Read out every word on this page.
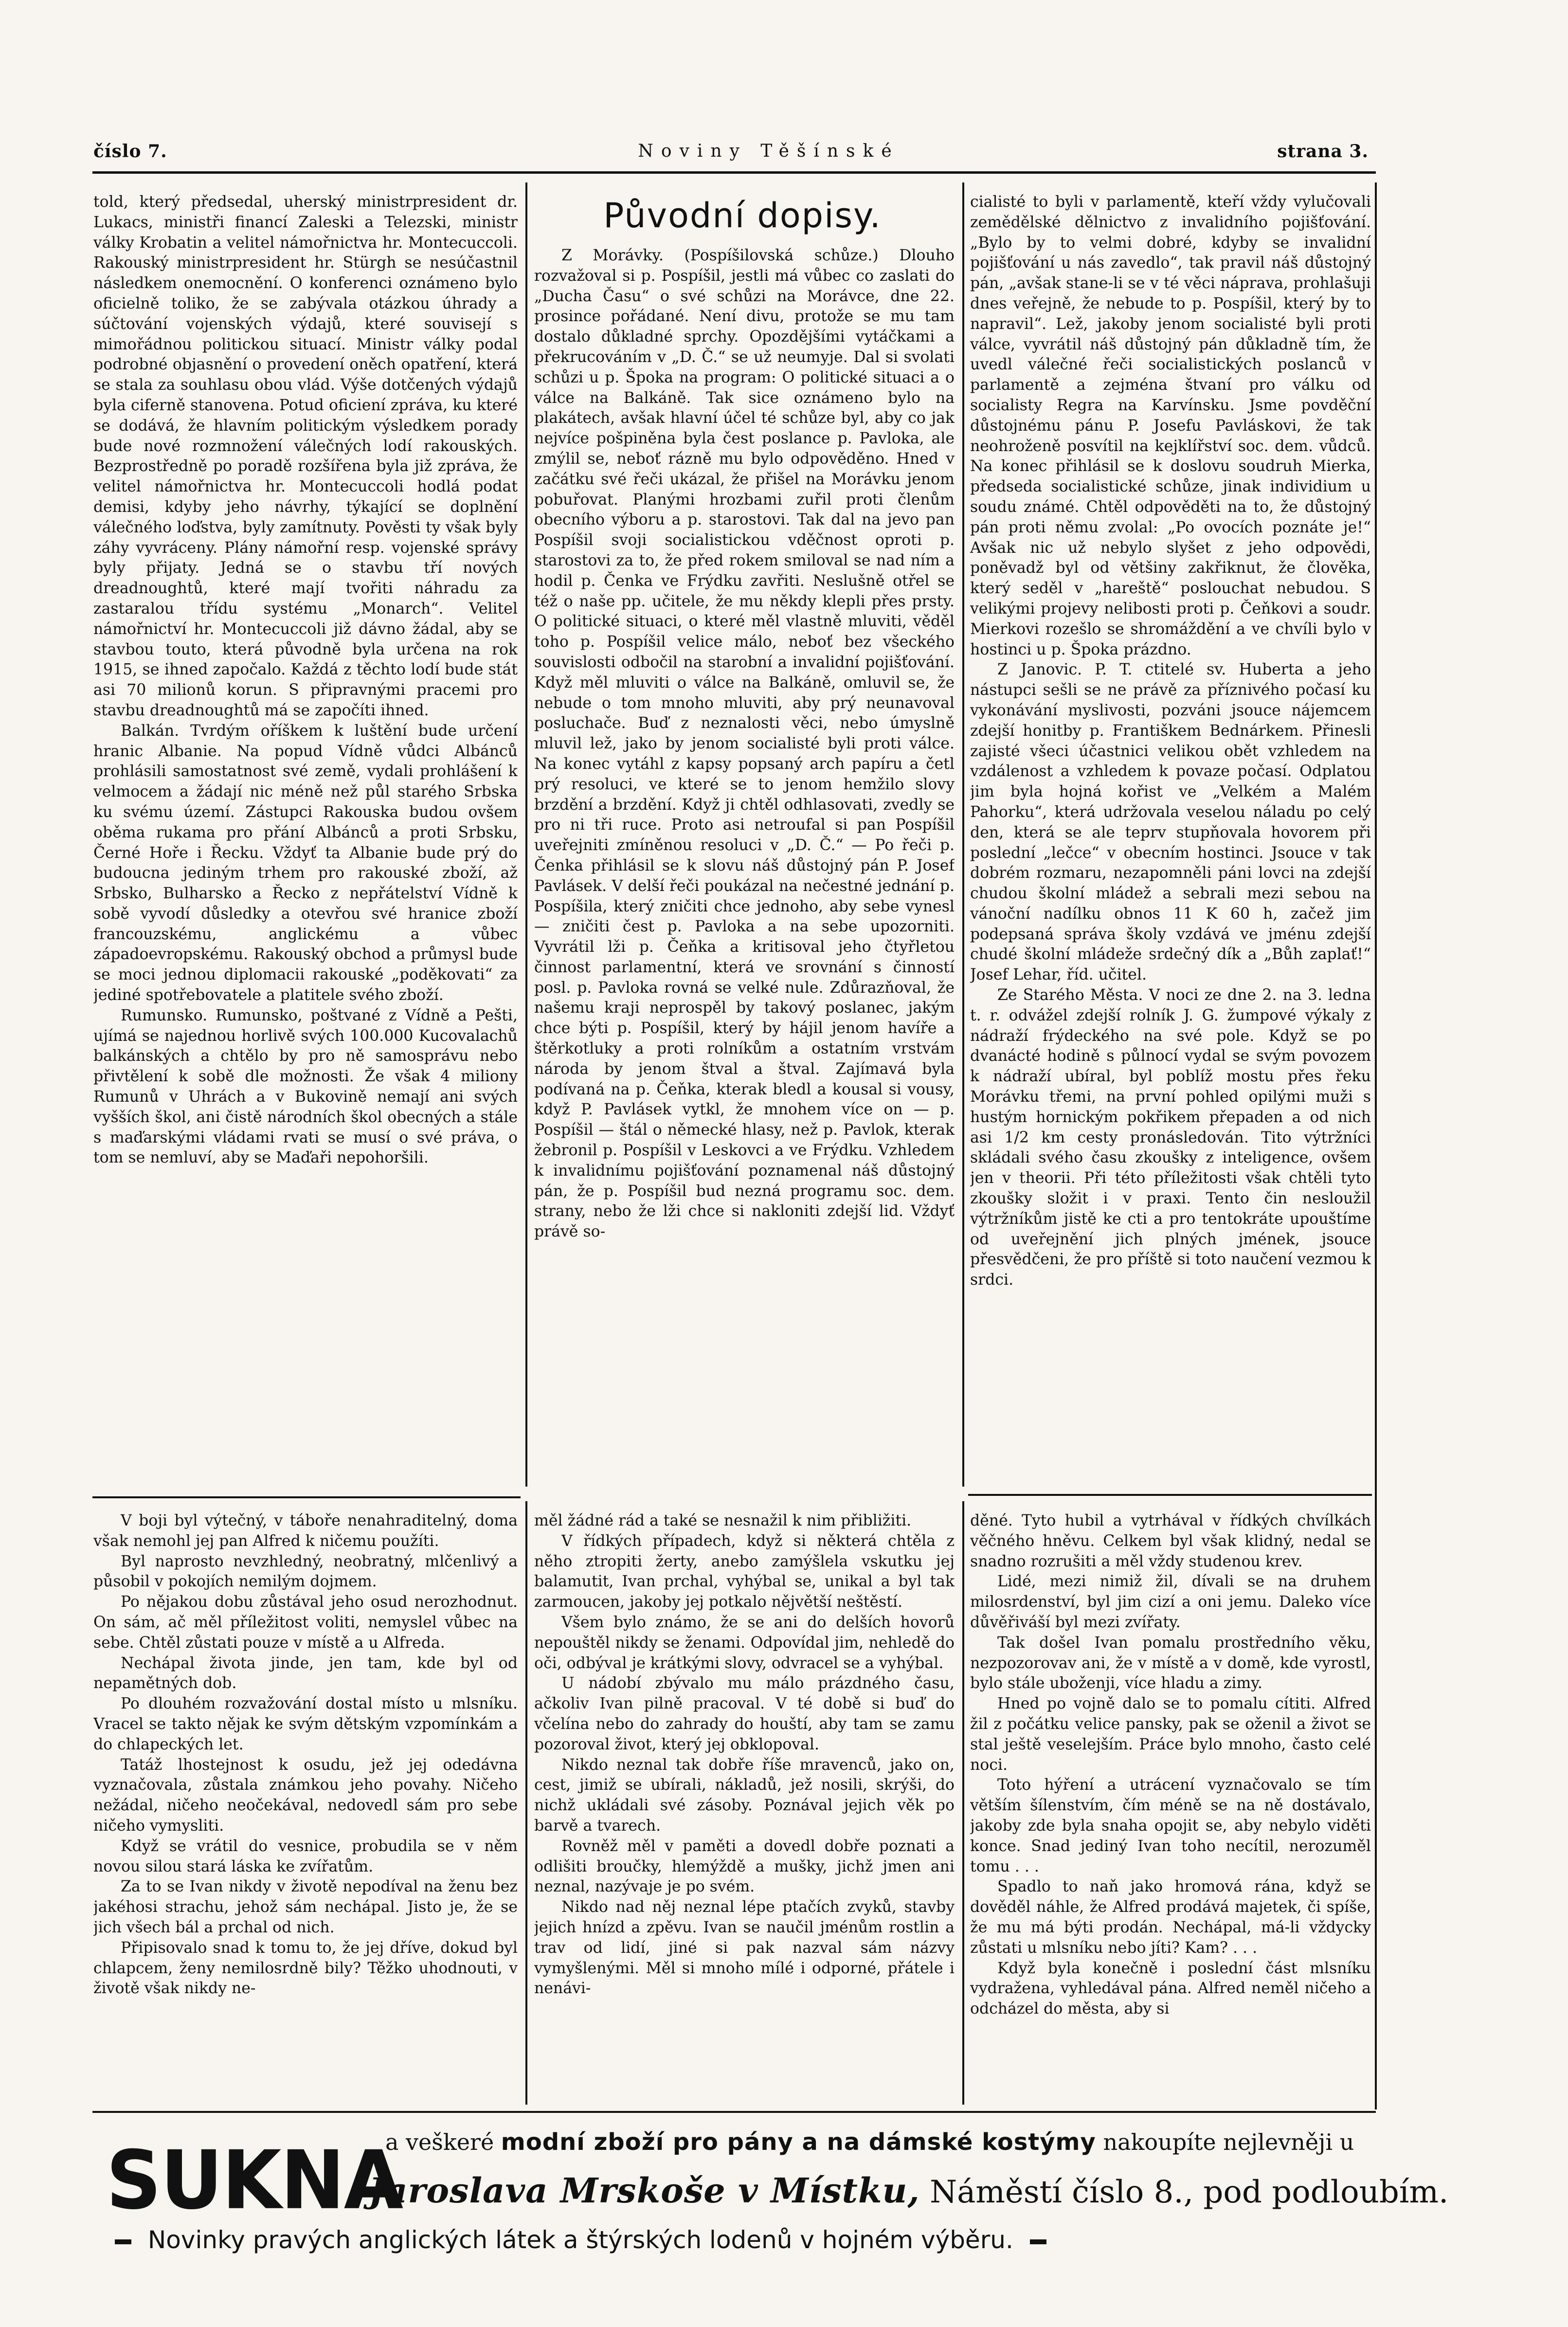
číslo 7.	Noviny Těšínské	strana 3.

told, který předsedal, uherský ministrpresident dr. Lukacs, ministři financí Zaleski a Telezski, ministr války Krobatin a velitel námořnictva hr. Montecuccoli. Rakouský ministrpresident hr. Stürgh se nesúčastnil následkem onemocnění. O konferenci oznámeno bylo oficielně toliko, že se zabývala otázkou úhrady a súčtování vojenských výdajů, které souvisejí s mimořádnou politickou situací. Ministr války podal podrobné objasnění o provedení oněch opatření, která se stala za souhlasu obou vlád. Výše dotčených výdajů byla ciferně stanovena. Potud oficiení zpráva, ku které se dodává, že hlavním politickým výsledkem porady bude nové rozmnožení válečných lodí rakouských. Bezprostředně po poradě rozšířena byla již zpráva, že velitel námořnictva hr. Montecuccoli hodlá podat demisi, kdyby jeho návrhy, týkající se doplnění válečného loďstva, byly zamítnuty. Pověsti ty však byly záhy vyvráceny. Plány námořní resp. vojenské správy byly přijaty. Jedná se o stavbu tří nových dreadnoughtů, které mají tvořiti náhradu za zastaralou třídu systému „Monarch“. Velitel námořnictví hr. Montecuccoli již dávno žádal, aby se stavbou touto, která původně byla určena na rok 1915, se ihned započalo. Každá z těchto lodí bude stát asi 70 milionů korun. S připravnými pracemi pro stavbu dreadnoughtů má se započíti ihned.

Balkán. Tvrdým oříškem k luštění bude určení hranic Albanie. Na popud Vídně vůdci Albánců prohlásili samostatnost své země, vydali prohlášení k velmocem a žádají nic méně než půl starého Srbska ku svému území. Zástupci Rakouska budou ovšem oběma rukama pro přání Albánců a proti Srbsku, Černé Hoře i Řecku. Vždyť ta Albanie bude prý do budoucna jediným trhem pro rakouské zboží, až Srbsko, Bulharsko a Řecko z nepřátelství Vídně k sobě vyvodí důsledky a otevřou své hranice zboží francouzskému, anglickému a vůbec západoevropskému. Rakouský obchod a průmysl bude se moci jednou diplomacii rakouské „poděkovati“ za jediné spotřebovatele a platitele svého zboží.

Rumunsko. Rumunsko, poštvané z Vídně a Pešti, ujímá se najednou horlivě svých 100.000 Kucovalachů balkánských a chtělo by pro ně samosprávu nebo přivtělení k sobě dle možnosti. Že však 4 miliony Rumunů v Uhrách a v Bukovině nemají ani svých vyšších škol, ani čistě národních škol obecných a stále s maďarskými vládami rvati se musí o své práva, o tom se nemluví, aby se Maďaři nepohoršili.

Původní dopisy.

Z Morávky. (Pospíšilovská schůze.) Dlouho rozvažoval si p. Pospíšil, jestli má vůbec co zaslati do „Ducha Času“ o své schůzi na Morávce, dne 22. prosince pořádané. Není divu, protože se mu tam dostalo důkladné sprchy. Opozdějšími vytáčkami a překrucováním v „D. Č.“ se už neumyje. Dal si svolati schůzi u p. Špoka na program: O politické situaci a o válce na Balkáně. Tak sice oznámeno bylo na plakátech, avšak hlavní účel té schůze byl, aby co jak nejvíce pošpiněna byla čest poslance p. Pavloka, ale zmýlil se, neboť rázně mu bylo odpověděno. Hned v začátku své řeči ukázal, že přišel na Morávku jenom pobuřovat. Planými hrozbami zuřil proti členům obecního výboru a p. starostovi. Tak dal na jevo pan Pospíšil svoji socialistickou vděčnost oproti p. starostovi za to, že před rokem smiloval se nad ním a hodil p. Čenka ve Frýdku zavřiti. Neslušně otřel se též o naše pp. učitele, že mu někdy klepli přes prsty. O politické situaci, o které měl vlastně mluviti, věděl toho p. Pospíšil velice málo, neboť bez všeckého souvislosti odbočil na starobní a invalidní pojišťování. Když měl mluviti o válce na Balkáně, omluvil se, že nebude o tom mnoho mluviti, aby prý neunavoval posluchače. Buď z neznalosti věci, nebo úmyslně mluvil lež, jako by jenom socialisté byli proti válce. Na konec vytáhl z kapsy popsaný arch papíru a četl prý resoluci, ve které se to jenom hemžilo slovy brzdění a brzdění. Když ji chtěl odhlasovati, zvedly se pro ni tři ruce. Proto asi netroufal si pan Pospíšil uveřejniti zmíněnou resoluci v „D. Č.“ — Po řeči p. Čenka přihlásil se k slovu náš důstojný pán P. Josef Pavlásek. V delší řeči poukázal na nečestné jednání p. Pospíšila, který zničiti chce jednoho, aby sebe vynesl — zničiti čest p. Pavloka a na sebe upozorniti. Vyvrátil lži p. Čeňka a kritisoval jeho čtyřletou činnost parlamentní, která ve srovnání s činností posl. p. Pavloka rovná se velké nule. Zdůrazňoval, že našemu kraji neprospěl by takový poslanec, jakým chce býti p. Pospíšil, který by hájil jenom havíře a štěrkotluky a proti rolníkům a ostatním vrstvám národa by jenom štval a štval. Zajímavá byla podívaná na p. Čeňka, kterak bledl a kousal si vousy, když P. Pavlásek vytkl, že mnohem více on — p. Pospíšil — štál o německé hlasy, než p. Pavlok, kterak žebronil p. Pospíšil v Leskovci a ve Frýdku. Vzhledem k invalidnímu pojišťování poznamenal náš důstojný pán, že p. Pospíšil bud nezná programu soc. dem. strany, nebo že lži chce si nakloniti zdejší lid. Vždyť právě so-

cialisté to byli v parlamentě, kteří vždy vylučovali zemědělské dělnictvo z invalidního pojišťování. „Bylo by to velmi dobré, kdyby se invalidní pojišťování u nás zavedlo“, tak pravil náš důstojný pán, „avšak stane-li se v té věci náprava, prohlašuji dnes veřejně, že nebude to p. Pospíšil, který by to napravil“. Lež, jakoby jenom socialisté byli proti válce, vyvrátil náš důstojný pán důkladně tím, že uvedl válečné řeči socialistických poslanců v parlamentě a zejména štvaní pro válku od socialisty Regra na Karvínsku. Jsme povděční důstojnému pánu P. Josefu Pavláskovi, že tak neohroženě posvítil na kejklířství soc. dem. vůdců. Na konec přihlásil se k doslovu soudruh Mierka, předseda socialistické schůze, jinak individium u soudu známé. Chtěl odpověděti na to, že důstojný pán proti němu zvolal: „Po ovocích poznáte je!“ Avšak nic už nebylo slyšet z jeho odpovědi, poněvadž byl od většiny zakřiknut, že člověka, který seděl v „hareště“ poslouchat nebudou. S velikými projevy nelibosti proti p. Čeňkovi a soudr. Mierkovi rozešlo se shromáždění a ve chvíli bylo v hostinci u p. Špoka prázdno.

Z Janovic. P. T. ctitelé sv. Huberta a jeho nástupci sešli se ne právě za příznivého počasí ku vykonávání myslivosti, pozváni jsouce nájemcem zdejší honitby p. Františkem Bednárkem. Přinesli zajisté všeci účastnici velikou obět vzhledem na vzdálenost a vzhledem k povaze počasí. Odplatou jim byla hojná kořist ve „Velkém a Malém Pahorku“, která udržovala veselou náladu po celý den, která se ale teprv stupňovala hovorem při poslední „lečce“ v obecním hostinci. Jsouce v tak dobrém rozmaru, nezapomněli páni lovci na zdejší chudou školní mládež a sebrali mezi sebou na vánoční nadílku obnos 11 K 60 h, začež jim podepsaná správa školy vzdává ve jménu zdejší chudé školní mládeže srdečný dík a „Bůh zaplať!“ Josef Lehar, říd. učitel.

Ze Starého Města. V noci ze dne 2. na 3. ledna t. r. odvážel zdejší rolník J. G. žumpové výkaly z nádraží frýdeckého na své pole. Když se po dvanácté hodině s půlnocí vydal se svým povozem k nádraží ubíral, byl poblíž mostu přes řeku Morávku třemi, na první pohled opilými muži s hustým hornickým pokřikem přepaden a od nich asi 1/2 km cesty pronásledován. Tito výtržníci skládali svého času zkoušky z inteligence, ovšem jen v theorii. Při této příležitosti však chtěli tyto zkoušky složit i v praxi. Tento čin nesloužil výtržníkům jistě ke cti a pro tentokráte upouštíme od uveřejnění jich plných jmének, jsouce přesvědčeni, že pro příště si toto naučení vezmou k srdci.

V boji byl výtečný, v táboře nenahraditelný, doma však nemohl jej pan Alfred k ničemu použíti.

Byl naprosto nevzhledný, neobratný, mlčenlivý a působil v pokojích nemilým dojmem.

Po nějakou dobu zůstával jeho osud nerozhodnut. On sám, ač měl příležitost voliti, nemyslel vůbec na sebe. Chtěl zůstati pouze v místě a u Alfreda.

Nechápal života jinde, jen tam, kde byl od nepamětných dob.

Po dlouhém rozvažování dostal místo u mlsníku. Vracel se takto nějak ke svým dětským vzpomínkám a do chlapeckých let.

Tatáž lhostejnost k osudu, jež jej odedávna vyznačovala, zůstala známkou jeho povahy. Ničeho nežádal, ničeho neočekával, nedovedl sám pro sebe ničeho vymysliti.

Když se vrátil do vesnice, probudila se v něm novou silou stará láska ke zvířatům.

Za to se Ivan nikdy v životě nepodíval na ženu bez jakéhosi strachu, jehož sám nechápal. Jisto je, že se jich všech bál a prchal od nich.

Připisovalo snad k tomu to, že jej dříve, dokud byl chlapcem, ženy nemilosrdně bily? Těžko uhodnouti, v životě však nikdy ne-

měl žádné rád a také se nesnažil k nim přibližiti.

V řídkých případech, když si některá chtěla z něho ztropiti žerty, anebo zamýšlela vskutku jej balamutit, Ivan prchal, vyhýbal se, unikal a byl tak zarmoucen, jakoby jej potkalo nějvětší neštěstí.

Všem bylo známo, že se ani do delších hovorů nepouštěl nikdy se ženami. Odpovídal jim, nehledě do oči, odbýval je krátkými slovy, odvracel se a vyhýbal.

U nádobí zbývalo mu málo prázdného času, ačkoliv Ivan pilně pracoval. V té době si buď do včelína nebo do zahrady do houští, aby tam se zamu pozoroval život, který jej obklopoval.

Nikdo neznal tak dobře říše mravenců, jako on, cest, jimiž se ubírali, nákladů, jež nosili, skrýši, do nichž ukládali své zásoby. Poznával jejich věk po barvě a tvarech.

Rovněž měl v paměti a dovedl dobře poznati a odlišiti broučky, hlemýždě a mušky, jichž jmen ani neznal, nazývaje je po svém.

Nikdo nad něj neznal lépe ptačích zvyků, stavby jejich hnízd a zpěvu. Ivan se naučil jménům rostlin a trav od lidí, jiné si pak nazval sám názvy vymyšlenými. Měl si mnoho mílé i odporné, přátele i nenávi-

děné. Tyto hubil a vytrhával v řídkých chvílkách věčného hněvu. Celkem byl však klidný, nedal se snadno rozrušiti a měl vždy studenou krev.

Lidé, mezi nimiž žil, dívali se na druhem milosrdenství, byl jim cizí a oni jemu. Daleko více důvěřiváší byl mezi zvířaty.

Tak došel Ivan pomalu prostředního věku, nezpozorovav ani, že v místě a v domě, kde vyrostl, bylo stále uboženji, více hladu a zimy.

Hned po vojně dalo se to pomalu cítiti. Alfred žil z počátku velice pansky, pak se oženil a život se stal ještě veselejším. Práce bylo mnoho, často celé noci.

Toto hýření a utrácení vyznačovalo se tím větším šílenstvím, čím méně se na ně dostávalo, jakoby zde byla snaha opojit se, aby nebylo viděti konce. Snad jediný Ivan toho necítil, nerozuměl tomu . . .

Spadlo to naň jako hromová rána, když se dověděl náhle, že Alfred prodává majetek, či spíše, že mu má býti prodán. Nechápal, má-li vždycky zůstati u mlsníku nebo jíti? Kam? . . .

Když byla konečně i poslední část mlsníku vydražena, vyhledával pána. Alfred neměl ničeho a odcházel do města, aby si

SUKNA
a veškeré modní zboží pro pány a na dámské kostýmy nakoupíte nejlevněji u
Jaroslava Mrskoše v Místku, Náměstí číslo 8., pod podloubím.
Novinky pravých anglických látek a štýrských lodenů v hojném výběru.
